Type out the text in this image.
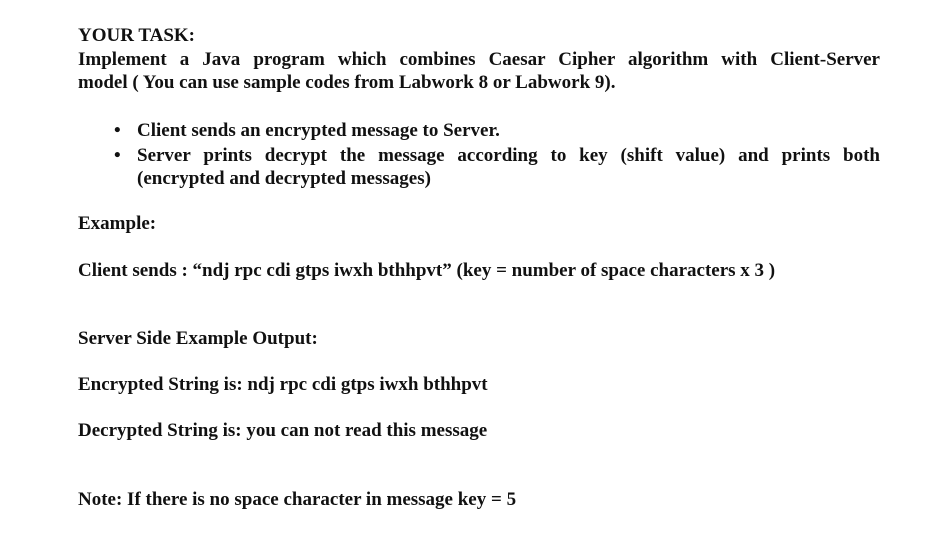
YOUR TASK:
Implement a Java program which combines Caesar Cipher algorithm with Client-Server
model ( You can use sample codes from Labwork 8 or Labwork 9).
• Client sends an encrypted message to Server.
• Server prints decrypt the message according to key (shift value) and prints both
(encrypted and decrypted messages)
Example:
Client sends : “ndj rpc cdi gtps iwxh bthhpvt” (key = number of space characters x 3 )
Server Side Example Output:
Encrypted String is: ndj rpc cdi gtps iwxh bthhpvt
Decrypted String is: you can not read this message
Note: If there is no space character in message key = 5
